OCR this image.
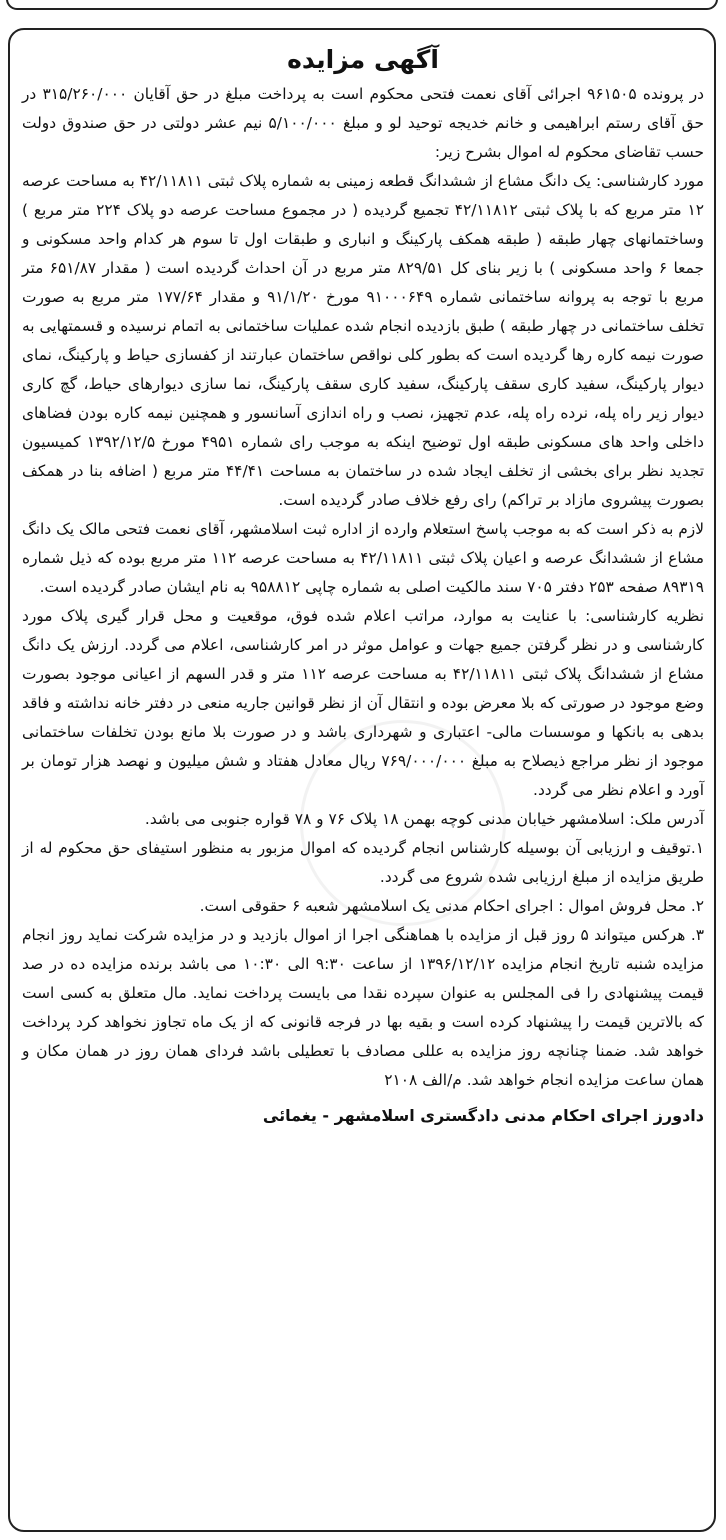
آگهی مزایده

در پرونده ۹۶۱۵۰۵ اجرائی آقای نعمت فتحی محکوم است به پرداخت مبلغ در حق آقایان ۳۱۵/۲۶۰/۰۰۰ در حق آقای رستم ابراهیمی و خانم خدیجه توحید لو و مبلغ ۵/۱۰۰/۰۰۰ نیم عشر دولتی در حق صندوق دولت حسب تقاضای محکوم له اموال بشرح زیر:

مورد کارشناسی: یک دانگ مشاع از ششدانگ قطعه زمینی به شماره پلاک ثبتی ۴۲/۱۱۸۱۱ به مساحت عرصه ۱۲ متر مربع که با پلاک ثبتی ۴۲/۱۱۸۱۲ تجمیع گردیده ( در مجموع مساحت عرصه دو پلاک ۲۲۴ متر مربع ) وساختمانهای چهار طبقه ( طبقه همکف پارکینگ و انباری و طبقات اول تا سوم هر کدام واحد مسکونی و جمعا ۶ واحد مسکونی ) با زیر بنای کل ۸۲۹/۵۱ متر مربع در آن احداث گردیده است ( مقدار ۶۵۱/۸۷ متر مربع با توجه به پروانه ساختمانی شماره ۹۱۰۰۰۶۴۹ مورخ ۹۱/۱/۲۰ و مقدار ۱۷۷/۶۴ متر مربع به صورت تخلف ساختمانی در چهار طبقه ) طبق بازدیده انجام شده عملیات ساختمانی به اتمام نرسیده و قسمتهایی به صورت نیمه کاره رها گردیده است که بطور کلی نواقص ساختمان عبارتند از کفسازی حیاط و پارکینگ، نمای دیوار پارکینگ، سفید کاری سقف پارکینگ، سفید کاری سقف پارکینگ، نما سازی دیوارهای حیاط، گچ کاری دیوار زیر راه پله، نرده راه پله، عدم تجهیز، نصب و راه اندازی آسانسور و همچنین نیمه کاره بودن فضاهای داخلی واحد های مسکونی طبقه اول توضیح اینکه به موجب رای شماره ۴۹۵۱ مورخ ۱۳۹۲/۱۲/۵ کمیسیون تجدید نظر برای بخشی از تخلف ایجاد شده در ساختمان به مساحت ۴۴/۴۱ متر مربع ( اضافه بنا در همکف بصورت پیشروی مازاد بر تراکم) رای رفع خلاف صادر گردیده است.

لازم به ذکر است که به موجب پاسخ استعلام وارده از اداره ثبت اسلامشهر، آقای نعمت فتحی مالک یک دانگ مشاع از ششدانگ عرصه و اعیان پلاک ثبتی ۴۲/۱۱۸۱۱ به مساحت عرصه ۱۱۲ متر مربع بوده که ذیل شماره ۸۹۳۱۹ صفحه ۲۵۳ دفتر ۷۰۵ سند مالکیت اصلی به شماره چاپی ۹۵۸۸۱۲ به نام ایشان صادر گردیده است.

نظریه کارشناسی: با عنایت به موارد، مراتب اعلام شده فوق، موقعیت و محل قرار گیری پلاک مورد کارشناسی و در نظر گرفتن جمیع جهات و عوامل موثر در امر کارشناسی، اعلام می گردد. ارزش یک دانگ مشاع از ششدانگ پلاک ثبتی ۴۲/۱۱۸۱۱ به مساحت عرصه ۱۱۲ متر و قدر السهم از اعیانی موجود بصورت وضع موجود در صورتی که بلا معرض بوده و انتقال آن از نظر قوانین جاریه منعی در دفتر خانه نداشته و فاقد بدهی به بانکها و موسسات مالی- اعتباری و شهرداری باشد و در صورت بلا مانع بودن تخلفات ساختمانی موجود از نظر مراجع ذیصلاح به مبلغ ۷۶۹/۰۰۰/۰۰۰ ریال معادل هفتاد و شش میلیون و نهصد هزار تومان بر آورد و اعلام نظر می گردد.

آدرس ملک: اسلامشهر خیابان مدنی کوچه بهمن ۱۸ پلاک ۷۶ و ۷۸ قواره جنوبی می باشد.

۱.توقیف و ارزیابی آن بوسیله کارشناس انجام گردیده که اموال مزبور به منظور استیفای حق محکوم له از طریق مزایده از مبلغ ارزیابی شده شروع می گردد.

۲. محل فروش اموال : اجرای احکام مدنی یک اسلامشهر شعبه ۶ حقوقی است.

۳. هرکس میتواند ۵ روز قبل از مزایده با هماهنگی اجرا از اموال بازدید و در مزایده شرکت نماید روز انجام مزایده شنبه تاریخ انجام مزایده ۱۳۹۶/۱۲/۱۲ از ساعت ۹:۳۰ الی ۱۰:۳۰ می باشد برنده مزایده ده در صد قیمت پیشنهادی را فی المجلس به عنوان سپرده نقدا می بایست پرداخت نماید. مال متعلق به کسی است که بالاترین قیمت را پیشنهاد کرده است و بقیه بها در فرجه قانونی که از یک ماه تجاوز نخواهد کرد پرداخت خواهد شد. ضمنا چنانچه روز مزایده به عللی مصادف با تعطیلی باشد فردای همان روز در همان مکان و همان ساعت مزایده انجام خواهد شد. م/الف ۲۱۰۸

دادورز اجرای احکام مدنی دادگستری اسلامشهر - یغمائی
